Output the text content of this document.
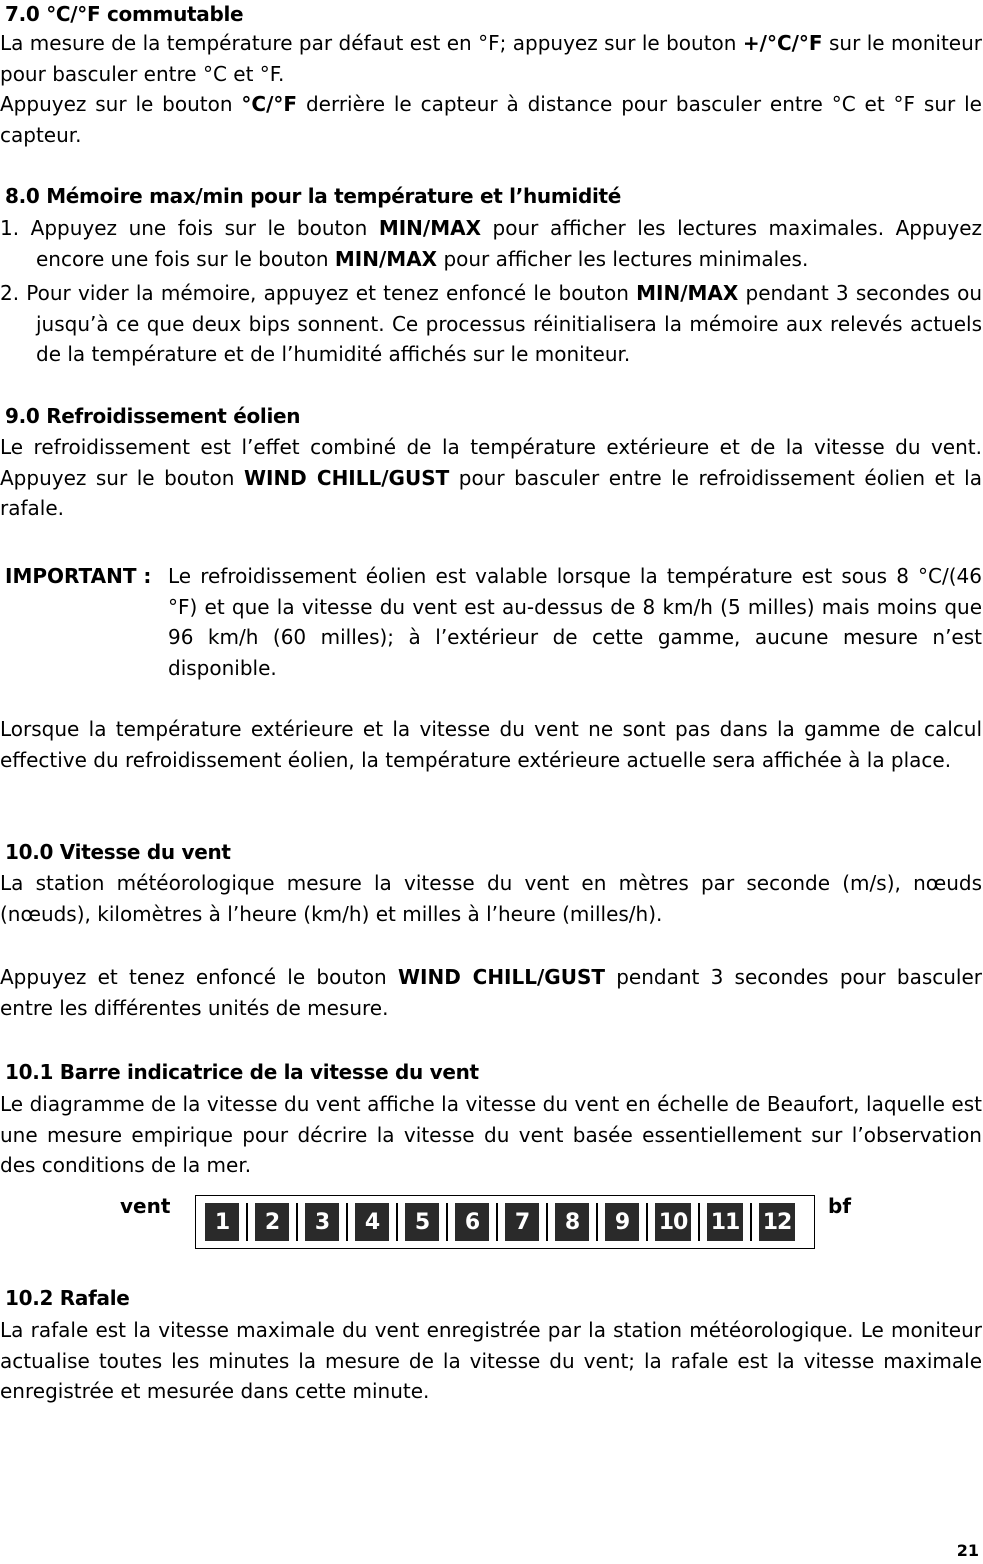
7.0 °C/°F commutable
La mesure de la température par défaut est en °F; appuyez sur le bouton +/°C/°F sur le moniteur pour basculer entre °C et °F.
Appuyez sur le bouton °C/°F derrière le capteur à distance pour basculer entre °C et °F sur le capteur.
8.0 Mémoire max/min pour la température et l’humidité
1. Appuyez une fois sur le bouton MIN/MAX pour afficher les lectures maximales. Appuyez encore une fois sur le bouton MIN/MAX pour afficher les lectures minimales.
2. Pour vider la mémoire, appuyez et tenez enfoncé le bouton MIN/MAX pendant 3 secondes ou jusqu’à ce que deux bips sonnent. Ce processus réinitialisera la mémoire aux relevés actuels de la température et de l’humidité affichés sur le moniteur.
9.0 Refroidissement éolien
Le refroidissement est l’effet combiné de la température extérieure et de la vitesse du vent. Appuyez sur le bouton WIND CHILL/GUST pour basculer entre le refroidissement éolien et la rafale.
IMPORTANT : Le refroidissement éolien est valable lorsque la température est sous 8 °C/(46 °F) et que la vitesse du vent est au-dessus de 8 km/h (5 milles) mais moins que 96 km/h (60 milles); à l’extérieur de cette gamme, aucune mesure n’est disponible.
Lorsque la température extérieure et la vitesse du vent ne sont pas dans la gamme de calcul effective du refroidissement éolien, la température extérieure actuelle sera affichée à la place.
10.0 Vitesse du vent
La station météorologique mesure la vitesse du vent en mètres par seconde (m/s), nœuds (nœuds), kilomètres à l’heure (km/h) et milles à l’heure (milles/h).
Appuyez et tenez enfoncé le bouton WIND CHILL/GUST pendant 3 secondes pour basculer entre les différentes unités de mesure.
10.1 Barre indicatrice de la vitesse du vent
Le diagramme de la vitesse du vent affiche la vitesse du vent en échelle de Beaufort, laquelle est une mesure empirique pour décrire la vitesse du vent basée essentiellement sur l’observation des conditions de la mer.
vent
1	2	3	4	5	6	7	8	9	10 11 12
bf
10.2 Rafale
La rafale est la vitesse maximale du vent enregistrée par la station météorologique. Le moniteur actualise toutes les minutes la mesure de la vitesse du vent; la rafale est la vitesse maximale enregistrée et mesurée dans cette minute.
21
